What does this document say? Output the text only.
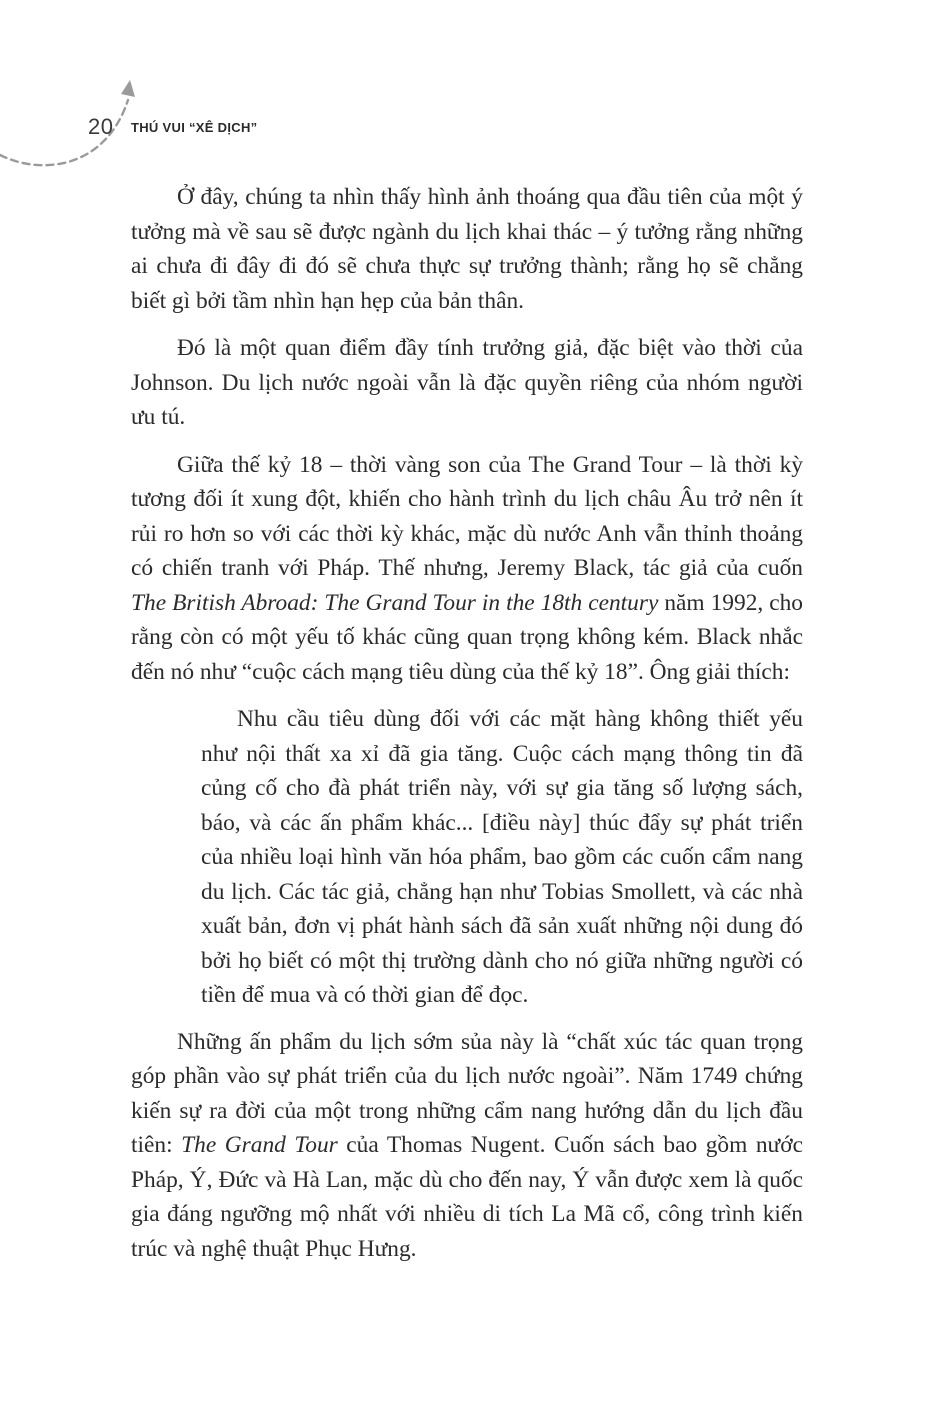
20 THÚ VUI “XÊ DỊCH”

Ở đây, chúng ta nhìn thấy hình ảnh thoáng qua đầu tiên của một ý tưởng mà về sau sẽ được ngành du lịch khai thác – ý tưởng rằng những ai chưa đi đây đi đó sẽ chưa thực sự trưởng thành; rằng họ sẽ chẳng biết gì bởi tầm nhìn hạn hẹp của bản thân.

Đó là một quan điểm đầy tính trưởng giả, đặc biệt vào thời của Johnson. Du lịch nước ngoài vẫn là đặc quyền riêng của nhóm người ưu tú.

Giữa thế kỷ 18 – thời vàng son của The Grand Tour – là thời kỳ tương đối ít xung đột, khiến cho hành trình du lịch châu Âu trở nên ít rủi ro hơn so với các thời kỳ khác, mặc dù nước Anh vẫn thỉnh thoảng có chiến tranh với Pháp. Thế nhưng, Jeremy Black, tác giả của cuốn The British Abroad: The Grand Tour in the 18th century năm 1992, cho rằng còn có một yếu tố khác cũng quan trọng không kém. Black nhắc đến nó như “cuộc cách mạng tiêu dùng của thế kỷ 18”. Ông giải thích:

Nhu cầu tiêu dùng đối với các mặt hàng không thiết yếu như nội thất xa xỉ đã gia tăng. Cuộc cách mạng thông tin đã củng cố cho đà phát triển này, với sự gia tăng số lượng sách, báo, và các ấn phẩm khác... [điều này] thúc đẩy sự phát triển của nhiều loại hình văn hóa phẩm, bao gồm các cuốn cẩm nang du lịch. Các tác giả, chẳng hạn như Tobias Smollett, và các nhà xuất bản, đơn vị phát hành sách đã sản xuất những nội dung đó bởi họ biết có một thị trường dành cho nó giữa những người có tiền để mua và có thời gian để đọc.

Những ấn phẩm du lịch sớm sủa này là “chất xúc tác quan trọng góp phần vào sự phát triển của du lịch nước ngoài”. Năm 1749 chứng kiến sự ra đời của một trong những cẩm nang hướng dẫn du lịch đầu tiên: The Grand Tour của Thomas Nugent. Cuốn sách bao gồm nước Pháp, Ý, Đức và Hà Lan, mặc dù cho đến nay, Ý vẫn được xem là quốc gia đáng ngưỡng mộ nhất với nhiều di tích La Mã cổ, công trình kiến trúc và nghệ thuật Phục Hưng.
